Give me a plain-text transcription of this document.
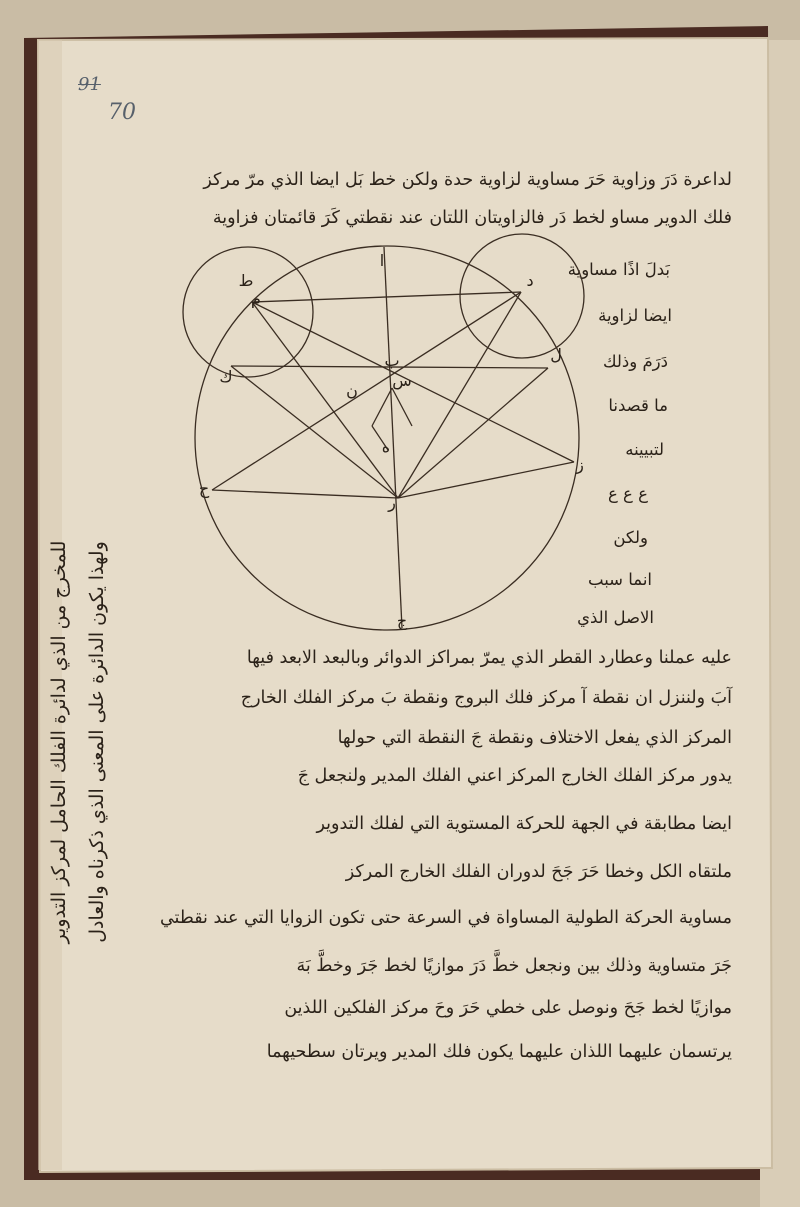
91
70
لداعرة دَرَ وزاوية حَرَ مساوية لزاوية حدة ولكن خط بَل ايضا الذي مرّ مركز
فلك الدوير مساو لخط دَر فالزاويتان اللتان عند نقطتي كَرَ قائمتان فزاوية
بَدلَ اذًا مساوية
ايضا لزاوية
دَرَمَ وذلك
ما قصدنا
لتبيينه
ع ع ع
ولكن
انما سبب
الاصل الذي
عليه عملنا وعطارد القطر الذي يمرّ بمراكز الدوائر وبالبعد الابعد فيها
آبَ ولننزل ان نقطة آ مركز فلك البروج ونقطة بَ مركز الفلك الخارج
المركز الذي يفعل الاختلاف ونقطة جَ النقطة التي حولها
يدور مركز الفلك الخارج المركز اعني الفلك المدير ولنجعل جَ
ايضا مطابقة في الجهة للحركة المستوية التي لفلك التدوير
ملتقاه الكل وخطا حَرَ جَحَ لدوران الفلك الخارج المركز
مساوية الحركة الطولية المساواة في السرعة حتى تكون الزوايا التي عند نقطتي
جَرَ متساوية وذلك بين ونجعل خطَّ دَرَ موازيًا لخط جَرَ وخطَّ بَهَ
موازيًا لخط جَحَ ونوصل على خطي حَرَ وحَ مركز الفلكين اللذين
يرتسمان عليهما اللذان عليهما يكون فلك المدير ويرتان سطحيهما
للمخرج من الذي لدائرة الفلك الحامل لمركز التدوير ولهذا يكون الدائرة على المعنى الذي ذكرناه والعادل
ا
ب
ج
د
ه
ر
ز
ح
ن
س
م
ك
ل
ط
